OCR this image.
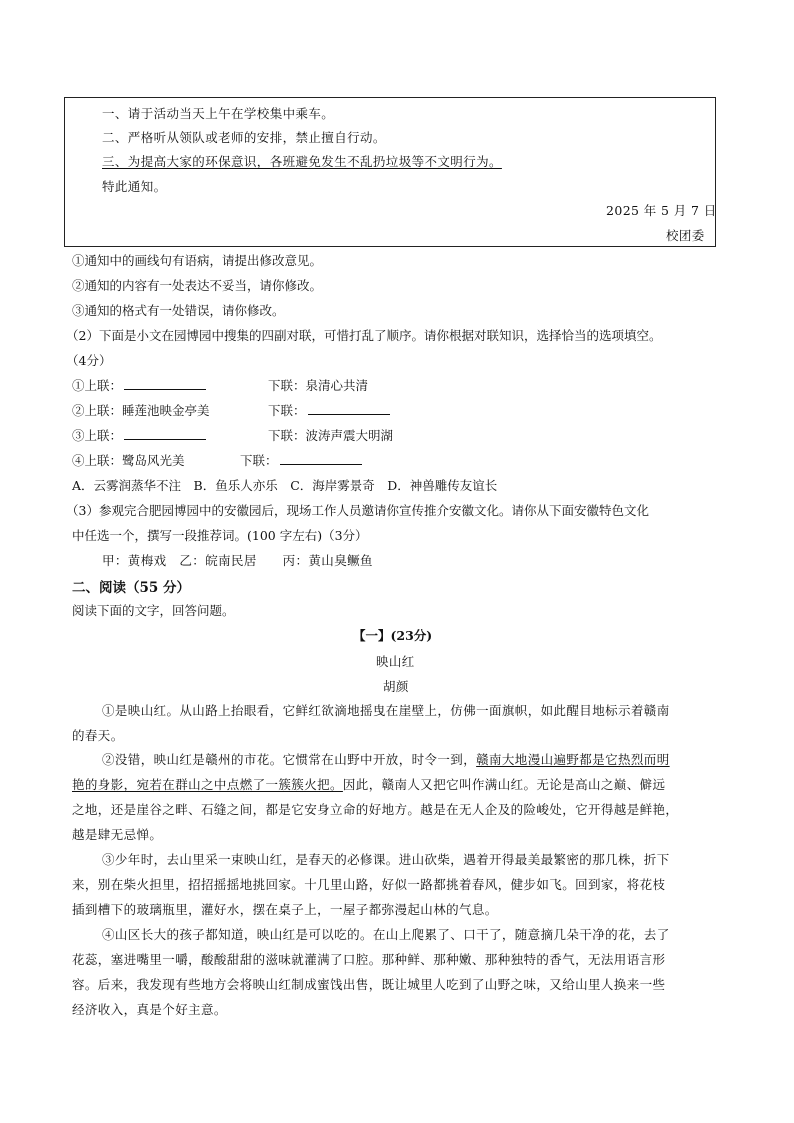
一、请于活动当天上午在学校集中乘车。
二、严格听从领队或老师的安排，禁止擅自行动。
三、为提高大家的环保意识，各班避免发生不乱扔垃圾等不文明行为。
特此通知。
2025 年 5 月 7 日
校团委
①通知中的画线句有语病，请提出修改意见。
②通知的内容有一处表达不妥当，请你修改。
③通知的格式有一处错误，请你修改。
（2）下面是小文在园博园中搜集的四副对联，可惜打乱了顺序。请你根据对联知识，选择恰当的选项填空。
（4分）
①上联：	下联：泉清心共清
②上联：睡莲池映金亭美	下联：
③上联：	下联：波涛声震大明湖
④上联：鹭岛风光美	下联：
A．云雾润蒸华不注　B．鱼乐人亦乐　C．海岸雾景奇　D．神兽雕传友谊长
（3）参观完合肥园博园中的安徽园后，现场工作人员邀请你宣传推介安徽文化。请你从下面安徽特色文化
中任选一个，撰写一段推荐词。(100 字左右)（3分）
甲：黄梅戏　乙：皖南民居　　丙：黄山臭鳜鱼
二、阅读（55 分）
阅读下面的文字，回答问题。
【一】(23分)
映山红
胡颜
①是映山红。从山路上抬眼看，它鲜红欲滴地摇曳在崖壁上，仿佛一面旗帜，如此醒目地标示着赣南
的春天。
②没错，映山红是赣州的市花。它惯常在山野中开放，时令一到，赣南大地漫山遍野都是它热烈而明
艳的身影，宛若在群山之中点燃了一簇簇火把。因此，赣南人又把它叫作满山红。无论是高山之巅、僻远
之地，还是崖谷之畔、石缝之间，都是它安身立命的好地方。越是在无人企及的险峻处，它开得越是鲜艳，
越是肆无忌惮。
③少年时，去山里采一束映山红，是春天的必修课。进山砍柴，遇着开得最美最繁密的那几株，折下
来，别在柴火担里，招招摇摇地挑回家。十几里山路，好似一路都挑着春风，健步如飞。回到家，将花枝
插到槽下的玻璃瓶里，灌好水，摆在桌子上，一屋子都弥漫起山林的气息。
④山区长大的孩子都知道，映山红是可以吃的。在山上爬累了、口干了，随意摘几朵干净的花，去了
花蕊，塞进嘴里一嚼，酸酸甜甜的滋味就灌满了口腔。那种鲜、那种嫩、那种独特的香气，无法用语言形
容。后来，我发现有些地方会将映山红制成蜜饯出售，既让城里人吃到了山野之味，又给山里人换来一些
经济收入，真是个好主意。
